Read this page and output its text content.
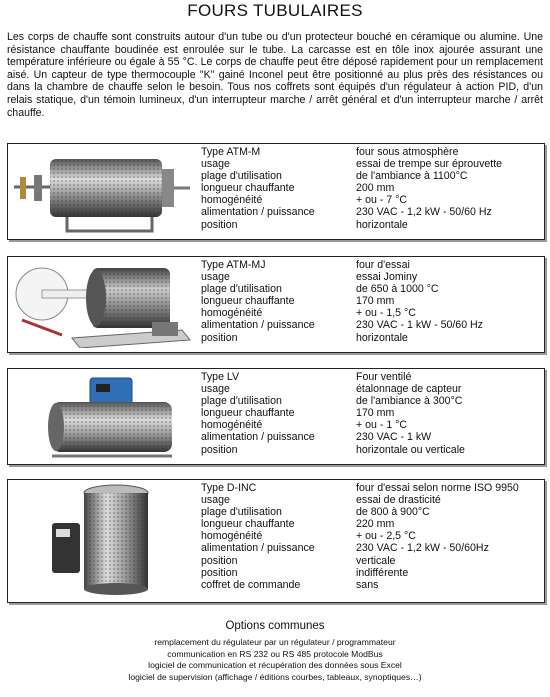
FOURS TUBULAIRES
Les corps de chauffe sont construits autour d'un tube ou d'un protecteur bouché en céramique ou alumine. Une résistance chauffante boudinée est enroulée sur le tube. La carcasse est en tôle inox ajourée assurant une température inférieure ou égale à 55 °C. Le corps de chauffe peut être déposé rapidement pour un remplacement aisé. Un capteur de type thermocouple "K" gainé Inconel peut être positionné au plus près des résistances ou dans la chambre de chauffe selon le besoin. Tous nos coffrets sont équipés d'un régulateur à action PID, d'un relais statique, d'un témoin lumineux, d'un interrupteur marche / arrêt général et d'un interrupteur marche / arrêt chauffe.
Type ATM-M	four sous atmosphère
usage	essai de trempe sur éprouvette
plage d'utilisation	de l'ambiance à 1100°C
longueur chauffante	200 mm
homogénéité	+ ou - 7 °C
alimentation / puissance	230 VAC - 1,2 kW - 50/60 Hz
position	horizontale
Type ATM-MJ	four d'essai
usage	essai Jominy
plage d'utilisation	de 650 à 1000 °C
longueur chauffante	170 mm
homogénéité	+ ou - 1,5 °C
alimentation / puissance	230 VAC - 1 kW - 50/60 Hz
position	horizontale
Type LV	Four ventilé
usage	étalonnage de capteur
plage d'utilisation	de l'ambiance à 300°C
longueur chauffante	170 mm
homogénéité	+ ou - 1 °C
alimentation / puissance	230 VAC - 1 kW
position	horizontale ou verticale
Type D-INC	four d'essai selon norme ISO 9950
usage	essai de drasticité
plage d'utilisation	de 800 à 900°C
longueur chauffante	220 mm
homogénéité	+ ou - 2,5 °C
alimentation / puissance	230 VAC - 1,2 kW - 50/60Hz
position	verticale
position	indifférente
coffret de commande	sans
Options communes
remplacement du régulateur par un régulateur / programmateur
communication en RS 232 ou RS 485 protocole ModBus
logiciel de communication et récupération des données sous Excel
logiciel de supervision (affichage / éditions courbes, tableaux, synoptiques…)
